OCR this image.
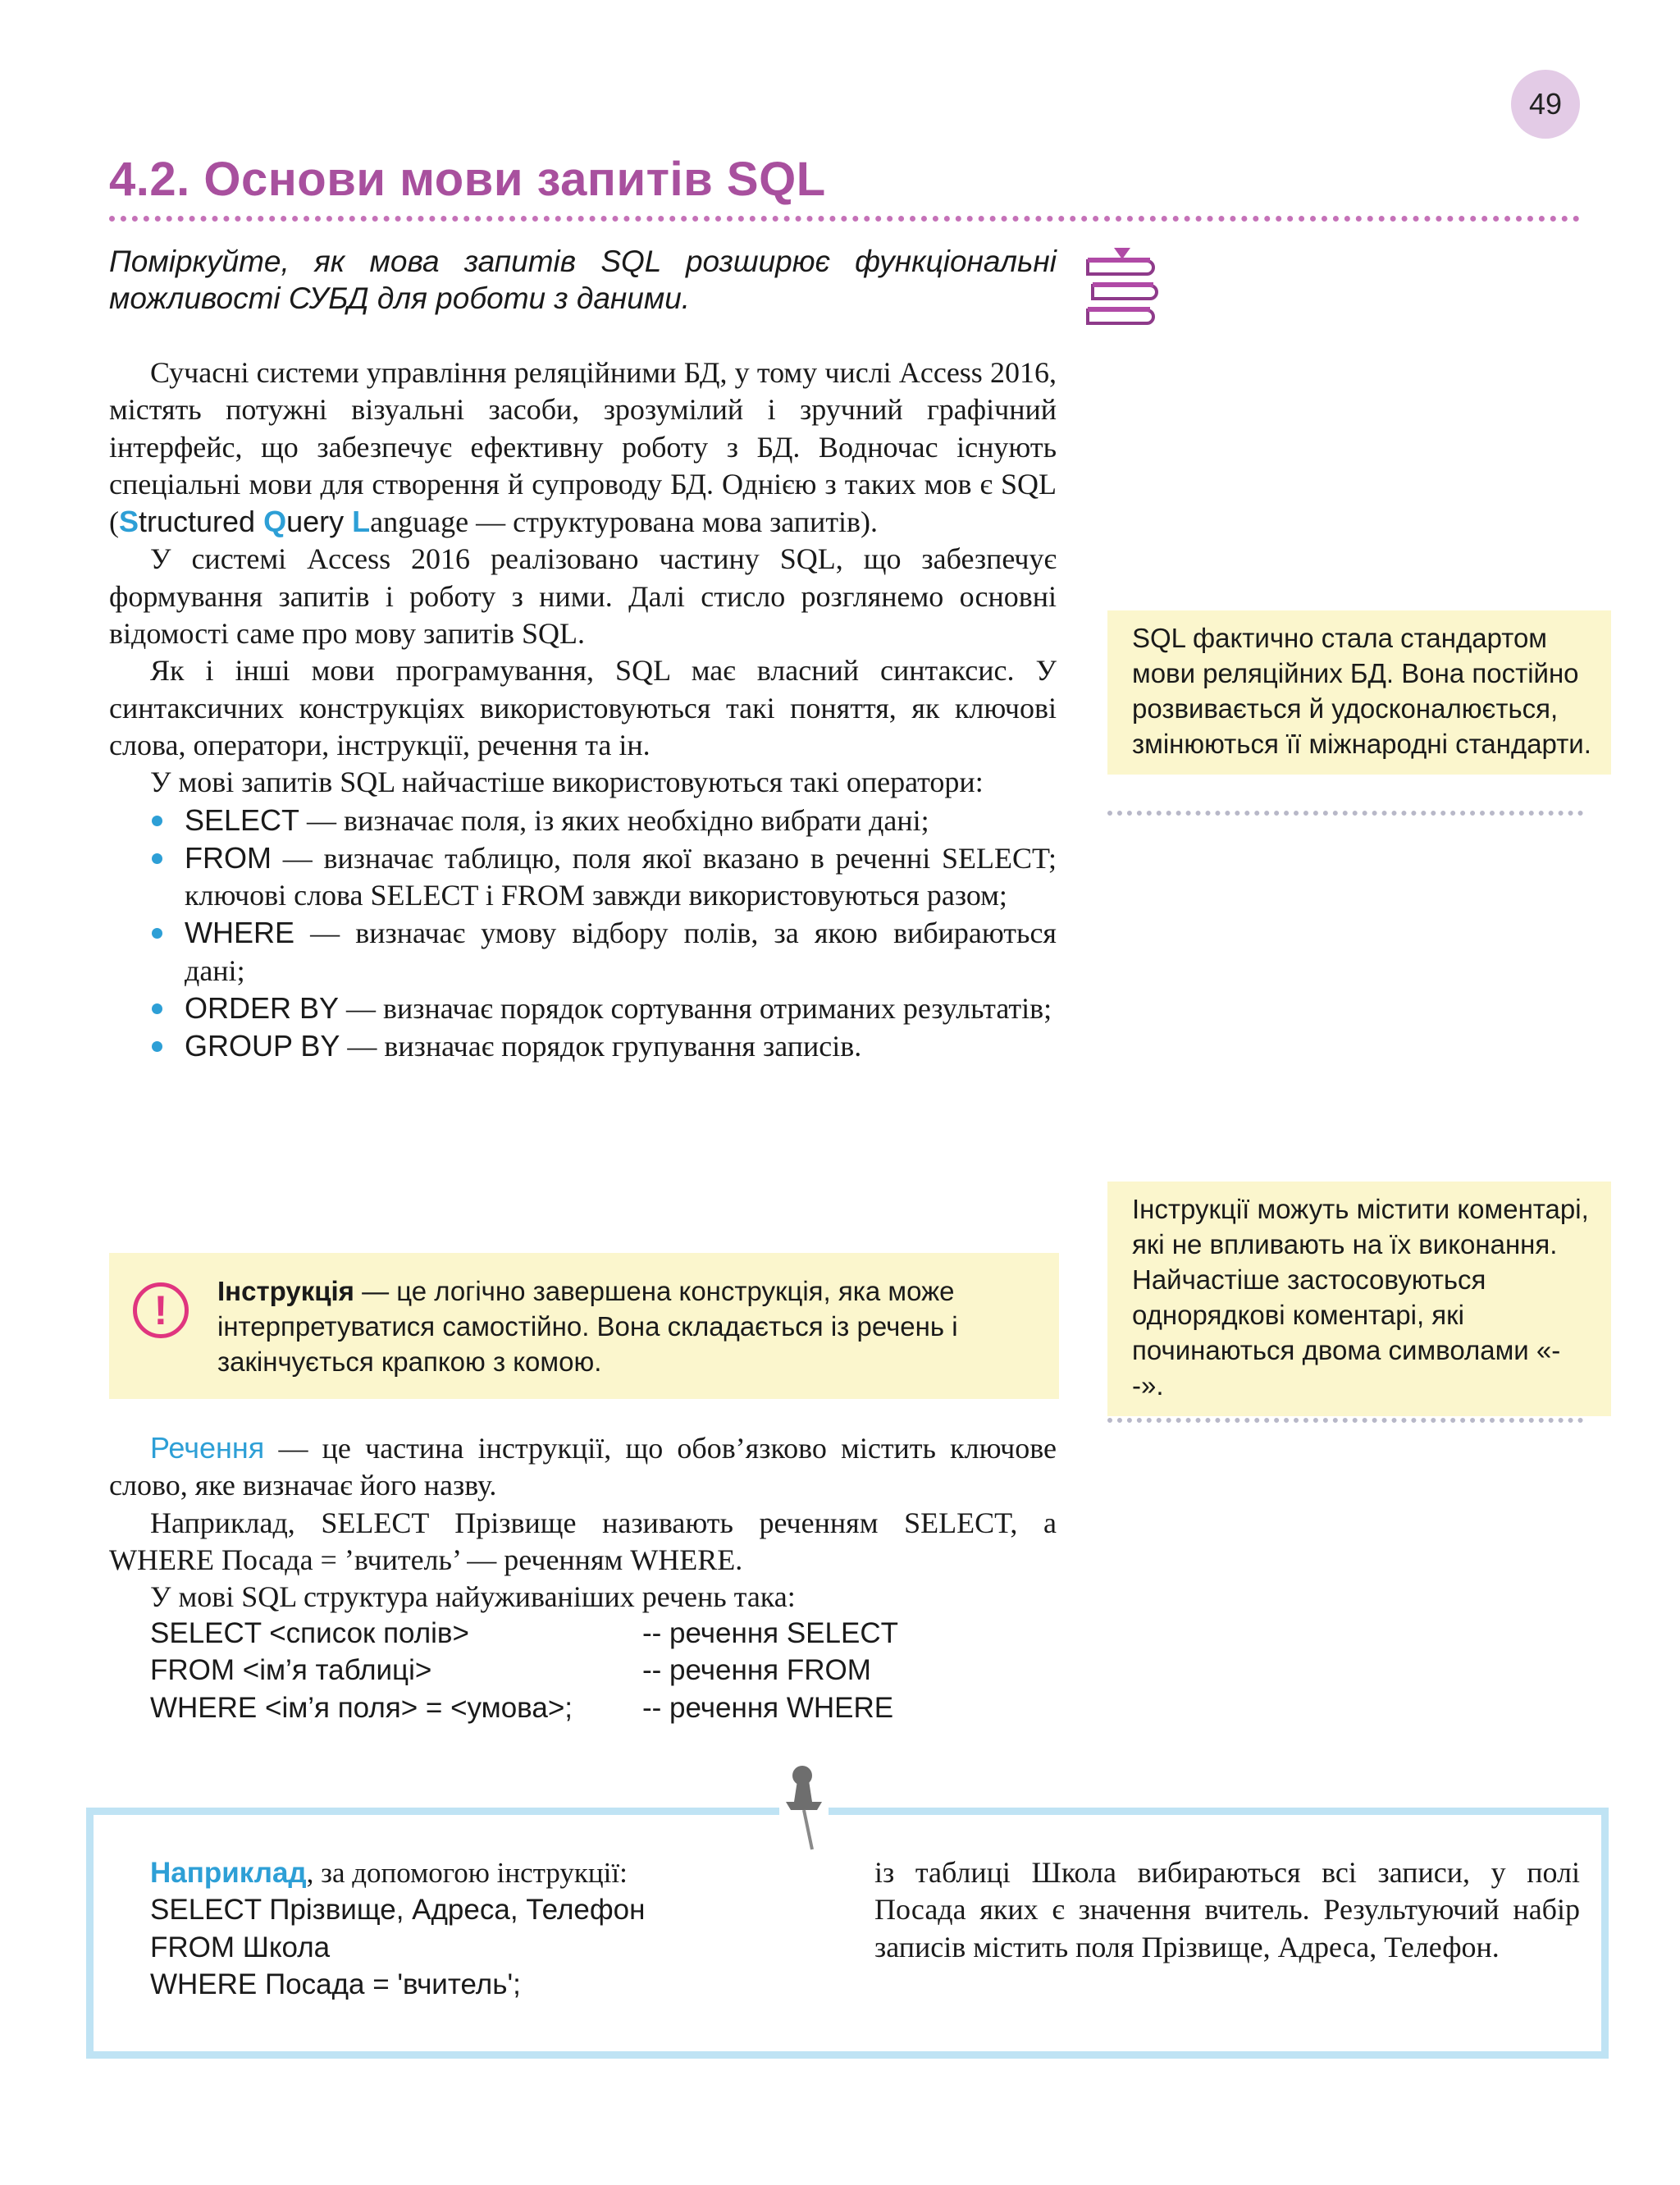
49
4.2. Основи мови запитів SQL
Поміркуйте, як мова запитів SQL розширює функціональні можливості СУБД для роботи з даними.

Сучасні системи управління реляційними БД, у тому числі Access 2016, містять потужні візуальні засоби, зрозумілий і зручний графічний інтерфейс, що забезпечує ефективну роботу з БД. Водночас існують спеціальні мови для створення й супроводу БД. Однією з таких мов є SQL (Structured Query Language — структурована мова запитів).

У системі Access 2016 реалізовано частину SQL, що забезпечує формування запитів і роботу з ними. Далі стисло розглянемо основні відомості саме про мову запитів SQL.

Як і інші мови програмування, SQL має власний синтаксис. У синтаксичних конструкціях використовуються такі поняття, як ключові слова, оператори, інструкції, речення та ін.

У мові запитів SQL найчастіше використовуються такі оператори:

SELECT — визначає поля, із яких необхідно вибрати дані;
FROM — визначає таблицю, поля якої вказано в реченні SELECT; ключові слова SELECT і FROM завжди використовуються разом;
WHERE — визначає умову відбору полів, за якою вибираються дані;
ORDER BY — визначає порядок сортування отриманих результатів;
GROUP BY — визначає порядок групування записів.
SQL фактично стала стандартом мови реляційних БД. Вона постійно розвивається й удосконалюється, змінюються її міжнародні стандарти.
Інструкції можуть містити коментарі, які не впливають на їх виконання. Найчастіше застосовуються однорядкові коментарі, які починаються двома символами «--».
!	Інструкція — це логічно завершена конструкція, яка може інтерпретуватися самостійно. Вона складається із речень і закінчується крапкою з комою.

Речення — це частина інструкції, що обов’язково містить ключове слово, яке визначає його назву.

Наприклад, SELECT Прізвище називають реченням SELECT, а WHERE Посада = ’вчитель’ — реченням WHERE.

У мові SQL структура найуживаніших речень така:

SELECT <список полів>	-- речення SELECT
FROM <ім’я таблиці>	-- речення FROM
WHERE <ім’я поля> = <умова>; -- речення WHERE
Наприклад, за допомогою інструкції:
SELECT Прізвище, Адреса, Телефон
FROM Школа
WHERE Посада = 'вчитель';
із таблиці Школа вибираються всі записи, у полі Посада яких є значення вчитель. Результуючий набір записів містить поля Прізвище, Адреса, Телефон.
